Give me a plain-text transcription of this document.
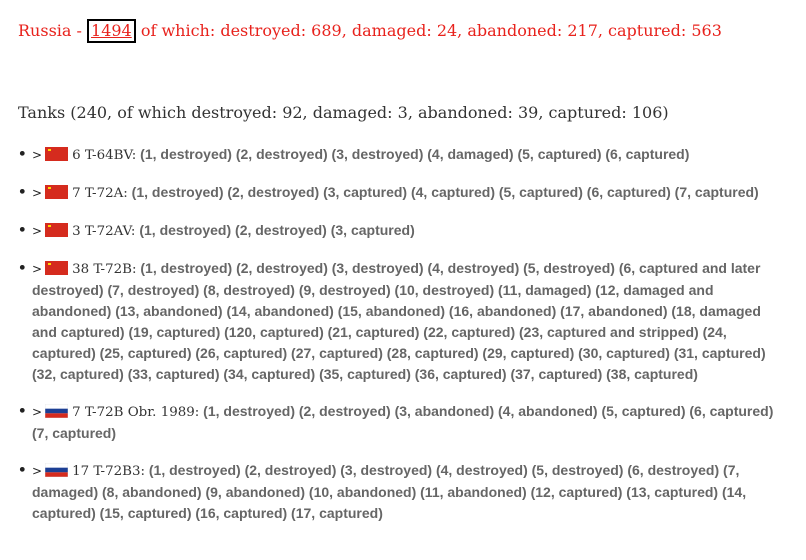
Russia - 1494 of which: destroyed: 689, damaged: 24, abandoned: 217, captured: 563
Tanks (240, of which destroyed: 92, damaged: 3, abandoned: 39, captured: 106)
• > 6 T-64BV: (1, destroyed) (2, destroyed) (3, destroyed) (4, damaged) (5, captured) (6, captured)
• > 7 T-72A: (1, destroyed) (2, destroyed) (3, captured) (4, captured) (5, captured) (6, captured) (7, captured)
• > 3 T-72AV: (1, destroyed) (2, destroyed) (3, captured)
• > 38 T-72B: (1, destroyed) (2, destroyed) (3, destroyed) (4, destroyed) (5, destroyed) (6, captured and later
destroyed) (7, destroyed) (8, destroyed) (9, destroyed) (10, destroyed) (11, damaged) (12, damaged and abandoned) (13, abandoned) (14, abandoned) (15, abandoned) (16, abandoned) (17, abandoned) (18, damaged and captured) (19, captured) (120, captured) (21, captured) (22, captured) (23, captured and stripped) (24, captured) (25, captured) (26, captured) (27, captured) (28, captured) (29, captured) (30, captured) (31, captured) (32, captured) (33, captured) (34, captured) (35, captured) (36, captured) (37, captured) (38, captured)
• > 7 T-72B Obr. 1989: (1, destroyed) (2, destroyed) (3, abandoned) (4, abandoned) (5, captured) (6, captured)
(7, captured)
• > 17 T-72B3: (1, destroyed) (2, destroyed) (3, destroyed) (4, destroyed) (5, destroyed) (6, destroyed) (7,
damaged) (8, abandoned) (9, abandoned) (10, abandoned) (11, abandoned) (12, captured) (13, captured) (14, captured) (15, captured) (16, captured) (17, captured)
